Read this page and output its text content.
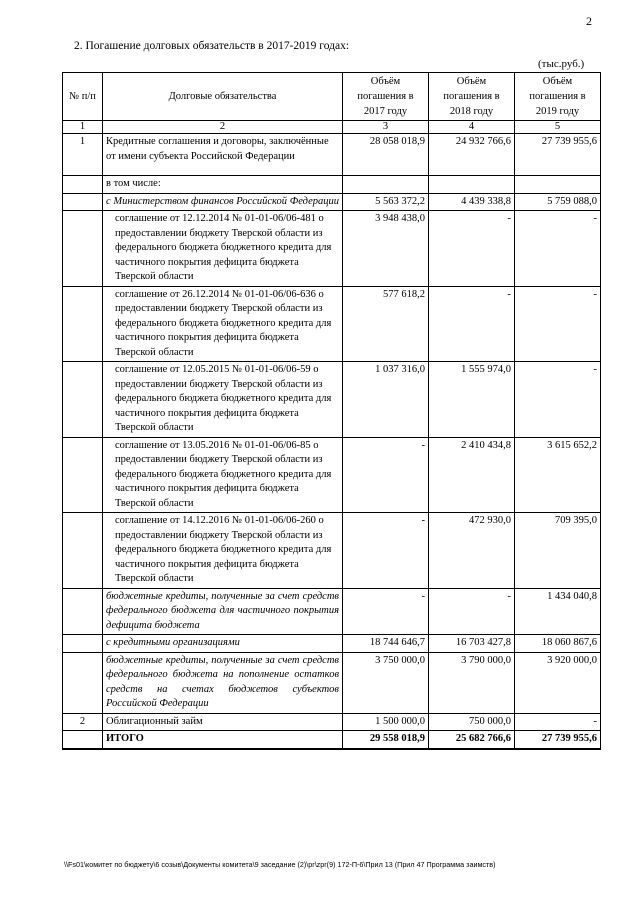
2
2. Погашение долговых обязательств в 2017-2019 годах:
(тыс.руб.)
№ п/п	Долговые обязательства	Объём погашения в 2017 году	Объём погашения в 2018 году	Объём погашения в 2019 году
1	2	3	4	5
1	Кредитные соглашения и договоры, заключённые от имени субъекта Российской Федерации	28 058 018,9	24 932 766,6	27 739 955,6
	в том числе:			
	с Министерством финансов Российской Федерации	5 563 372,2	4 439 338,8	5 759 088,0
	соглашение от 12.12.2014 № 01-01-06/06-481 о предоставлении бюджету Тверской области из федерального бюджета бюджетного кредита для частичного покрытия дефицита бюджета Тверской области	3 948 438,0	-	-
	соглашение от 26.12.2014 № 01-01-06/06-636 о предоставлении бюджету Тверской области из федерального бюджета бюджетного кредита для частичного покрытия дефицита бюджета Тверской области	577 618,2	-	-
	соглашение от 12.05.2015 № 01-01-06/06-59 о предоставлении бюджету Тверской области из федерального бюджета бюджетного кредита для частичного покрытия дефицита бюджета Тверской области	1 037 316,0	1 555 974,0	-
	соглашение от 13.05.2016 № 01-01-06/06-85 о предоставлении бюджету Тверской области из федерального бюджета бюджетного кредита для частичного покрытия дефицита бюджета Тверской области	-	2 410 434,8	3 615 652,2
	соглашение от 14.12.2016 № 01-01-06/06-260 о предоставлении бюджету Тверской области из федерального бюджета бюджетного кредита для частичного покрытия дефицита бюджета Тверской области	-	472 930,0	709 395,0
	бюджетные кредиты, полученные за счет средств федерального бюджета для частичного покрытия дефицита бюджета	-	-	1 434 040,8
	с кредитными организациями	18 744 646,7	16 703 427,8	18 060 867,6
	бюджетные кредиты, полученные за счет средств федерального бюджета на пополнение остатков средств на счетах бюджетов субъектов Российской Федерации	3 750 000,0	3 790 000,0	3 920 000,0
2	Облигационный займ	1 500 000,0	750 000,0	-
	ИТОГО	29 558 018,9	25 682 766,6	27 739 955,6
\\Fs01\комитет по бюджету\6 созыв\Документы комитета\9 заседание (2)\pr\zpr(9) 172-П-6\Прил 13 (Прил 47 Программа заимств)
